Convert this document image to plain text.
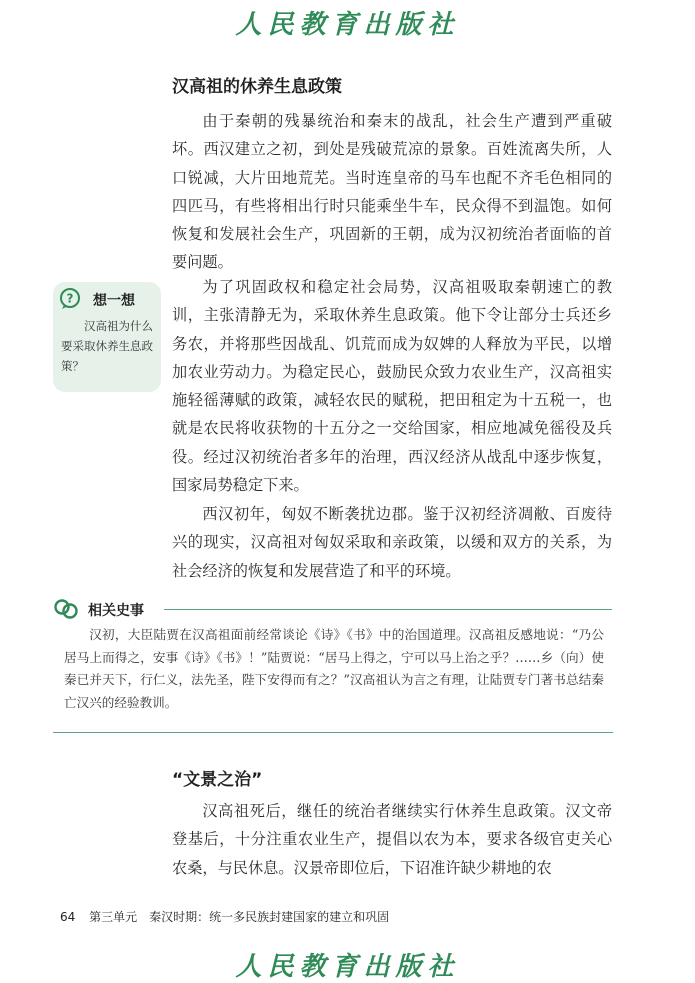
人民教育出版社
汉高祖的休养生息政策

由于秦朝的残暴统治和秦末的战乱，社会生产遭到严重破坏。西汉建立之初，到处是残破荒凉的景象。百姓流离失所，人口锐减，大片田地荒芜。当时连皇帝的马车也配不齐毛色相同的四匹马，有些将相出行时只能乘坐牛车，民众得不到温饱。如何恢复和发展社会生产，巩固新的王朝，成为汉初统治者面临的首要问题。

为了巩固政权和稳定社会局势，汉高祖吸取秦朝速亡的教训，主张清静无为，采取休养生息政策。他下令让部分士兵还乡务农，并将那些因战乱、饥荒而成为奴婢的人释放为平民，以增加农业劳动力。为稳定民心，鼓励民众致力农业生产，汉高祖实施轻徭薄赋的政策，减轻农民的赋税，把田租定为十五税一，也就是农民将收获物的十五分之一交给国家，相应地减免徭役及兵役。经过汉初统治者多年的治理，西汉经济从战乱中逐步恢复，国家局势稳定下来。

西汉初年，匈奴不断袭扰边郡。鉴于汉初经济凋敝、百废待兴的现实，汉高祖对匈奴采取和亲政策，以缓和双方的关系，为社会经济的恢复和发展营造了和平的环境。

? 想一想

汉高祖为什么要采取休养生息政策？

相关史事

汉初，大臣陆贾在汉高祖面前经常谈论《诗》《书》中的治国道理。汉高祖反感地说：“乃公居马上而得之，安事《诗》《书》！”陆贾说：“居马上得之，宁可以马上治之乎？……乡（向）使秦已并天下，行仁义，法先圣，陛下安得而有之？”汉高祖认为言之有理，让陆贾专门著书总结秦亡汉兴的经验教训。

“文景之治”

汉高祖死后，继任的统治者继续实行休养生息政策。汉文帝登基后，十分注重农业生产，提倡以农为本，要求各级官吏关心农桑，与民休息。汉景帝即位后，下诏准许缺少耕地的农

64 第三单元　秦汉时期：统一多民族封建国家的建立和巩固
人民教育出版社
